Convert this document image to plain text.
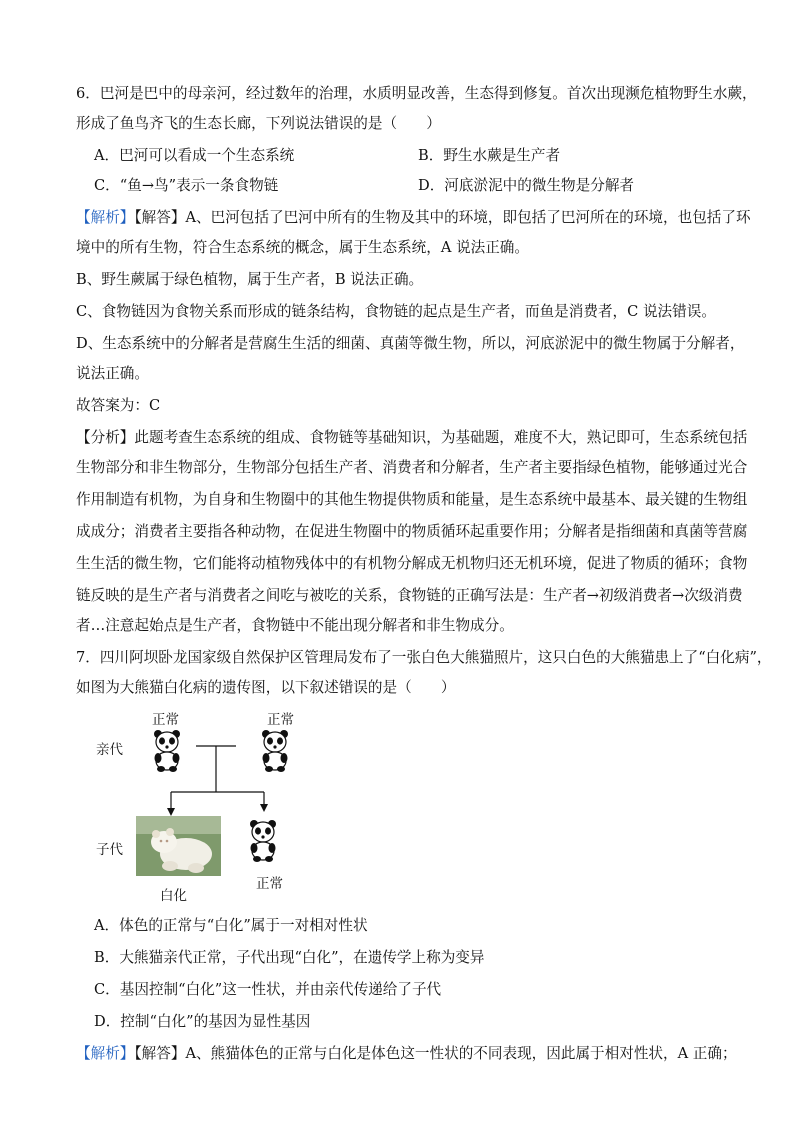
6．巴河是巴中的母亲河，经过数年的治理，水质明显改善，生态得到修复。首次出现濒危植物野生水蕨，
形成了鱼鸟齐飞的生态长廊，下列说法错误的是（　　）
A．巴河可以看成一个生态系统	B．野生水蕨是生产者
C．“鱼→鸟”表示一条食物链	D．河底淤泥中的微生物是分解者
【解析】【解答】A、巴河包括了巴河中所有的生物及其中的环境，即包括了巴河所在的环境，也包括了环
境中的所有生物，符合生态系统的概念，属于生态系统，A 说法正确。
B、野生蕨属于绿色植物，属于生产者，B 说法正确。
C、食物链因为食物关系而形成的链条结构，食物链的起点是生产者，而鱼是消费者，C 说法错误。
D、生态系统中的分解者是营腐生生活的细菌、真菌等微生物，所以，河底淤泥中的微生物属于分解者，
说法正确。
故答案为：C
【分析】此题考查生态系统的组成、食物链等基础知识，为基础题，难度不大，熟记即可，生态系统包括
生物部分和非生物部分，生物部分包括生产者、消费者和分解者，生产者主要指绿色植物，能够通过光合
作用制造有机物，为自身和生物圈中的其他生物提供物质和能量，是生态系统中最基本、最关键的生物组
成成分；消费者主要指各种动物，在促进生物圈中的物质循环起重要作用；分解者是指细菌和真菌等营腐
生生活的微生物，它们能将动植物残体中的有机物分解成无机物归还无机环境，促进了物质的循环；食物
链反映的是生产者与消费者之间吃与被吃的关系，食物链的正确写法是：生产者→初级消费者→次级消费
者…注意起始点是生产者，食物链中不能出现分解者和非生物成分。
7．四川阿坝卧龙国家级自然保护区管理局发布了一张白色大熊猫照片，这只白色的大熊猫患上了“白化病”，
如图为大熊猫白化病的遗传图，以下叙述错误的是（　　）
正常	正常
亲代
子代
白化
正常
A．体色的正常与“白化”属于一对相对性状
B．大熊猫亲代正常，子代出现“白化”，在遗传学上称为变异
C．基因控制“白化”这一性状，并由亲代传递给了子代
D．控制“白化”的基因为显性基因
【解析】【解答】A、熊猫体色的正常与白化是体色这一性状的不同表现，因此属于相对性状，A 正确；
